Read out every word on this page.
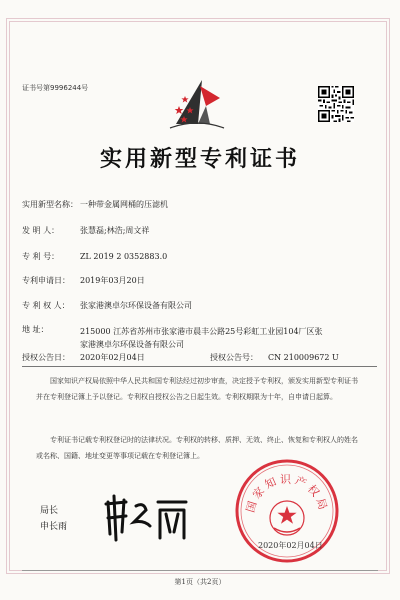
证书号第9996244号
实用新型专利证书
实用新型名称： 一种带金属网桶的压滤机
发 明 人：	张慧磊;林浩;周文祥
专 利 号：	ZL 2019 2 0352883.0
专利申请日： 2019年03月20日
专 利 权 人： 张家港澳卓尔环保设备有限公司
地 址：	215000 江苏省苏州市张家港市晨丰公路25号彩虹工业园104厂区张家港澳卓尔环保设备有限公司
授权公告日： 2020年02月04日	授权公告号： CN 210009672 U
国家知识产权局依照中华人民共和国专利法经过初步审查，决定授予专利权，颁发实用新型专利证书并在专利登记簿上予以登记。专利权自授权公告之日起生效。专利权期限为十年，自申请日起算。
专利证书记载专利权登记时的法律状况。专利权的转移、质押、无效、终止、恢复和专利权人的姓名或名称、国籍、地址变更等事项记载在专利登记簿上。
局长
申长雨
国家知识产权局
2020年02月04日
第1页（共2页）
